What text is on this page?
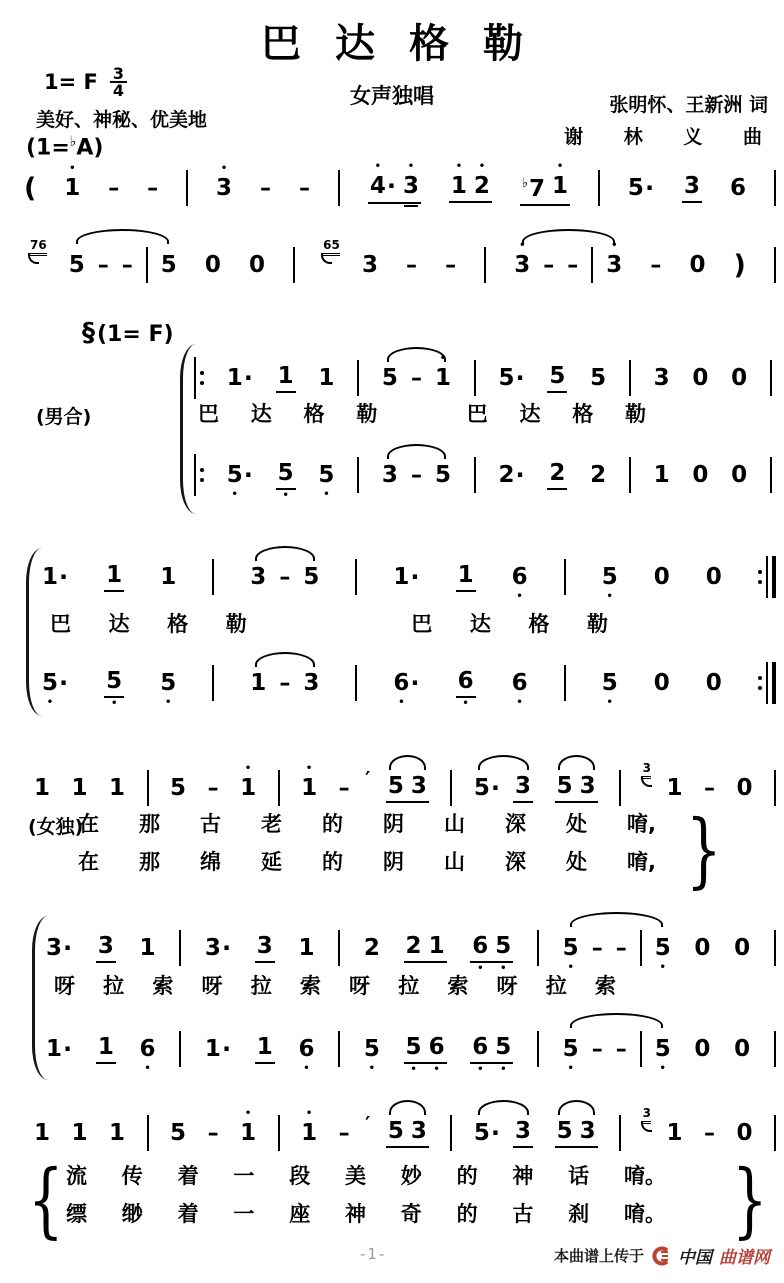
巴达格勒
1= F $\frac{3}{4}$	女声独唱	张明怀、王新洲 词
美好、神秘、优美地
谢 林 义 曲
(1=♭A)
( 1
•
– –	3
•
– –	4
•
· 3
•
1
•
2
•
♭7 1
•
5 · 3 6
76
5 – – 5 0 0
65
3 – –	3
•
– – 3
•
– 0 )
§(1= F)
1 · 1 1 5 – 1
•
5 · 5 5 3 0 0
(男合)	巴 达 格 勒	巴 达 格 勒
5
•
· 5
•
5
•
3 – 5 2 · 2 2 1 0 0
1 · 1 1	3 – 5	1 · 1 6
•
5
•
0 0
巴 达 格 勒	巴 达 格 勒
5
•
· 5
•
5
•
1 – 3	6
•
· 6
•
6
•
5
•
0 0
1 1 1 5 – 1
•
1
•
– ′ 5 3 5 · 3 5 3
3
1 – 0
(女独)
在 那 古 老 的 阴 山 深 处 唷,
在 那 绵 延 的 阴 山 深 处 唷, }
3 · 3 1 3 · 3 1 2 2 1 6
•
5
•
5
•
– – 5
•
0 0
呀 拉 索 呀 拉 索 呀 拉 索 呀 拉 索
1 · 1 6
•
1 · 1 6
•
5
•
5
•
6
•
6
•
5
•
5
•
– – 5
•
0 0
1 1 1 5 – 1
•
1
•
– ′ 5 3 5 · 3 5 3
3
1 – 0
{ 流 传 着 一 段 美 妙 的 神 话 唷。
缥 缈 着 一 座 神 奇 的 古 刹 唷。 }
-1-	本曲谱上传于 中国 曲谱网
